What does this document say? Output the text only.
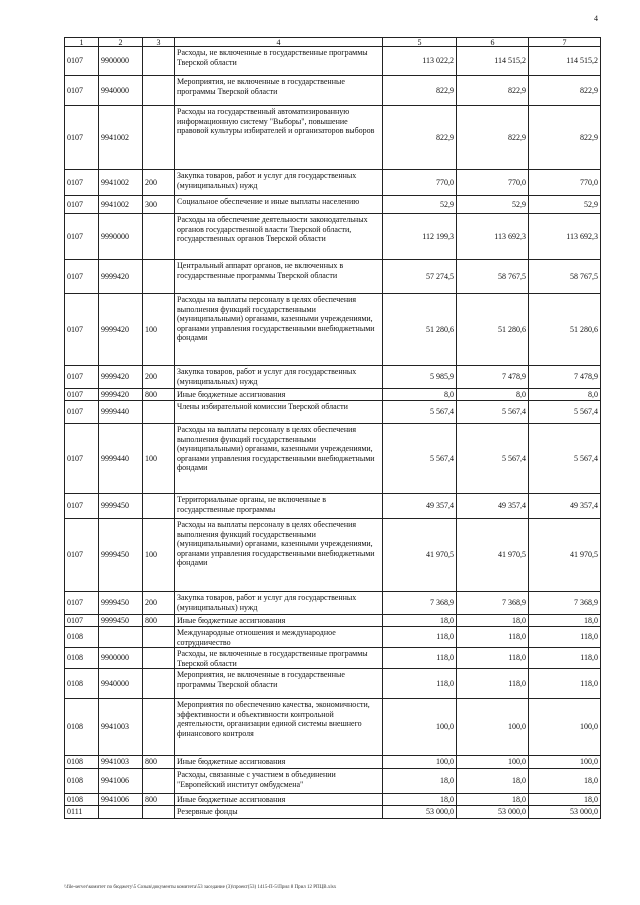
4
1	2	3	4	5	6	7
0107	9900000		Расходы, не включенные в государственные программы Тверской области	113 022,2	114 515,2	114 515,2
0107	9940000		Мероприятия, не включенные в государственные программы Тверской области	822,9	822,9	822,9
0107	9941002		Расходы на государственный автоматизированную информационную систему "Выборы", повышение правовой культуры избирателей и организаторов выборов	822,9	822,9	822,9
0107	9941002	200	Закупка товаров, работ и услуг для государственных (муниципальных) нужд	770,0	770,0	770,0
0107	9941002	300	Социальное обеспечение и иные выплаты населению	52,9	52,9	52,9
0107	9990000		Расходы на обеспечение деятельности законодательных органов государственной власти Тверской области, государственных органов Тверской области	112 199,3	113 692,3	113 692,3
0107	9999420		Центральный аппарат органов, не включенных в государственные программы Тверской области	57 274,5	58 767,5	58 767,5
0107	9999420	100	Расходы на выплаты персоналу в целях обеспечения выполнения функций государственными (муниципальными) органами, казенными учреждениями, органами управления государственными внебюджетными фондами	51 280,6	51 280,6	51 280,6
0107	9999420	200	Закупка товаров, работ и услуг для государственных (муниципальных) нужд	5 985,9	7 478,9	7 478,9
0107	9999420	800	Иные бюджетные ассигнования	8,0	8,0	8,0
0107	9999440		Члены избирательной комиссии Тверской области	5 567,4	5 567,4	5 567,4
0107	9999440	100	Расходы на выплаты персоналу в целях обеспечения выполнения функций государственными (муниципальными) органами, казенными учреждениями, органами управления государственными внебюджетными фондами	5 567,4	5 567,4	5 567,4
0107	9999450		Территориальные органы, не включенные в государственные программы	49 357,4	49 357,4	49 357,4
0107	9999450	100	Расходы на выплаты персоналу в целях обеспечения выполнения функций государственными (муниципальными) органами, казенными учреждениями, органами управления государственными внебюджетными фондами	41 970,5	41 970,5	41 970,5
0107	9999450	200	Закупка товаров, работ и услуг для государственных (муниципальных) нужд	7 368,9	7 368,9	7 368,9
0107	9999450	800	Иные бюджетные ассигнования	18,0	18,0	18,0
0108			Международные отношения и международное сотрудничество	118,0	118,0	118,0
0108	9900000		Расходы, не включенные в государственные программы Тверской области	118,0	118,0	118,0
0108	9940000		Мероприятия, не включенные в государственные программы Тверской области	118,0	118,0	118,0
0108	9941003		Мероприятия по обеспечению качества, экономичности, эффективности и объективности контрольной деятельности, организации единой системы внешнего финансового контроля	100,0	100,0	100,0
0108	9941003	800	Иные бюджетные ассигнования	100,0	100,0	100,0
0108	9941006		Расходы, связанные с участием в объединении "Европейский институт омбудсмена"	18,0	18,0	18,0
0108	9941006	800	Иные бюджетные ассигнования	18,0	18,0	18,0
0111			Резервные фонды	53 000,0	53 000,0	53 000,0
\\file-server\комитет по бюджету\5 Созыв\документы комитета\53 заседание (3)\проект(53) 1415-П-5\Прил 8 Прил 12 РПЦВ.xlsx
